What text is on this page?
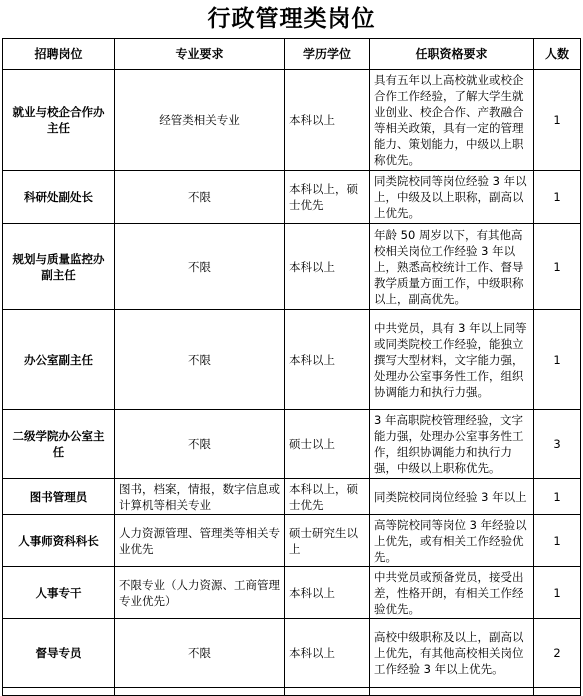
行政管理类岗位
招聘岗位	专业要求	学历学位	任职资格要求	人数
就业与校企合作办主任	经管类相关专业	本科以上	具有五年以上高校就业或校企合作工作经验，了解大学生就业创业、校企合作、产教融合等相关政策，具有一定的管理能力、策划能力，中级以上职称优先。	1
科研处副处长	不限	本科以上，硕士优先	同类院校同等岗位经验 3 年以上，中级及以上职称，副高以上优先。	1
规划与质量监控办副主任	不限	本科以上	年龄 50 周岁以下，有其他高校相关岗位工作经验 3 年以上，熟悉高校统计工作、督导教学质量方面工作，中级职称以上，副高优先。	1
办公室副主任	不限	本科以上	中共党员，具有 3 年以上同等或同类院校工作经验，能独立撰写大型材料，文字能力强，处理办公室事务性工作，组织协调能力和执行力强。	1
二级学院办公室主任	不限	硕士以上	3 年高职院校管理经验，文字能力强，处理办公室事务性工作，组织协调能力和执行力强，中级以上职称优先。	3
图书管理员	图书，档案，情报，数字信息或计算机等相关专业	本科以上，硕士优先	同类院校同岗位经验 3 年以上	1
人事师资科科长	人力资源管理、管理类等相关专业优先	硕士研究生以上	高等院校同等岗位 3 年经验以上优先，或有相关工作经验优先。	1
人事专干	不限专业（人力资源、工商管理专业优先）	本科以上	中共党员或预备党员，接受出差，性格开朗，有相关工作经验优先。	1
督导专员	不限	本科以上	高校中级职称及以上，副高以上优先，有其他高校相关岗位工作经验 3 年以上优先。	2
